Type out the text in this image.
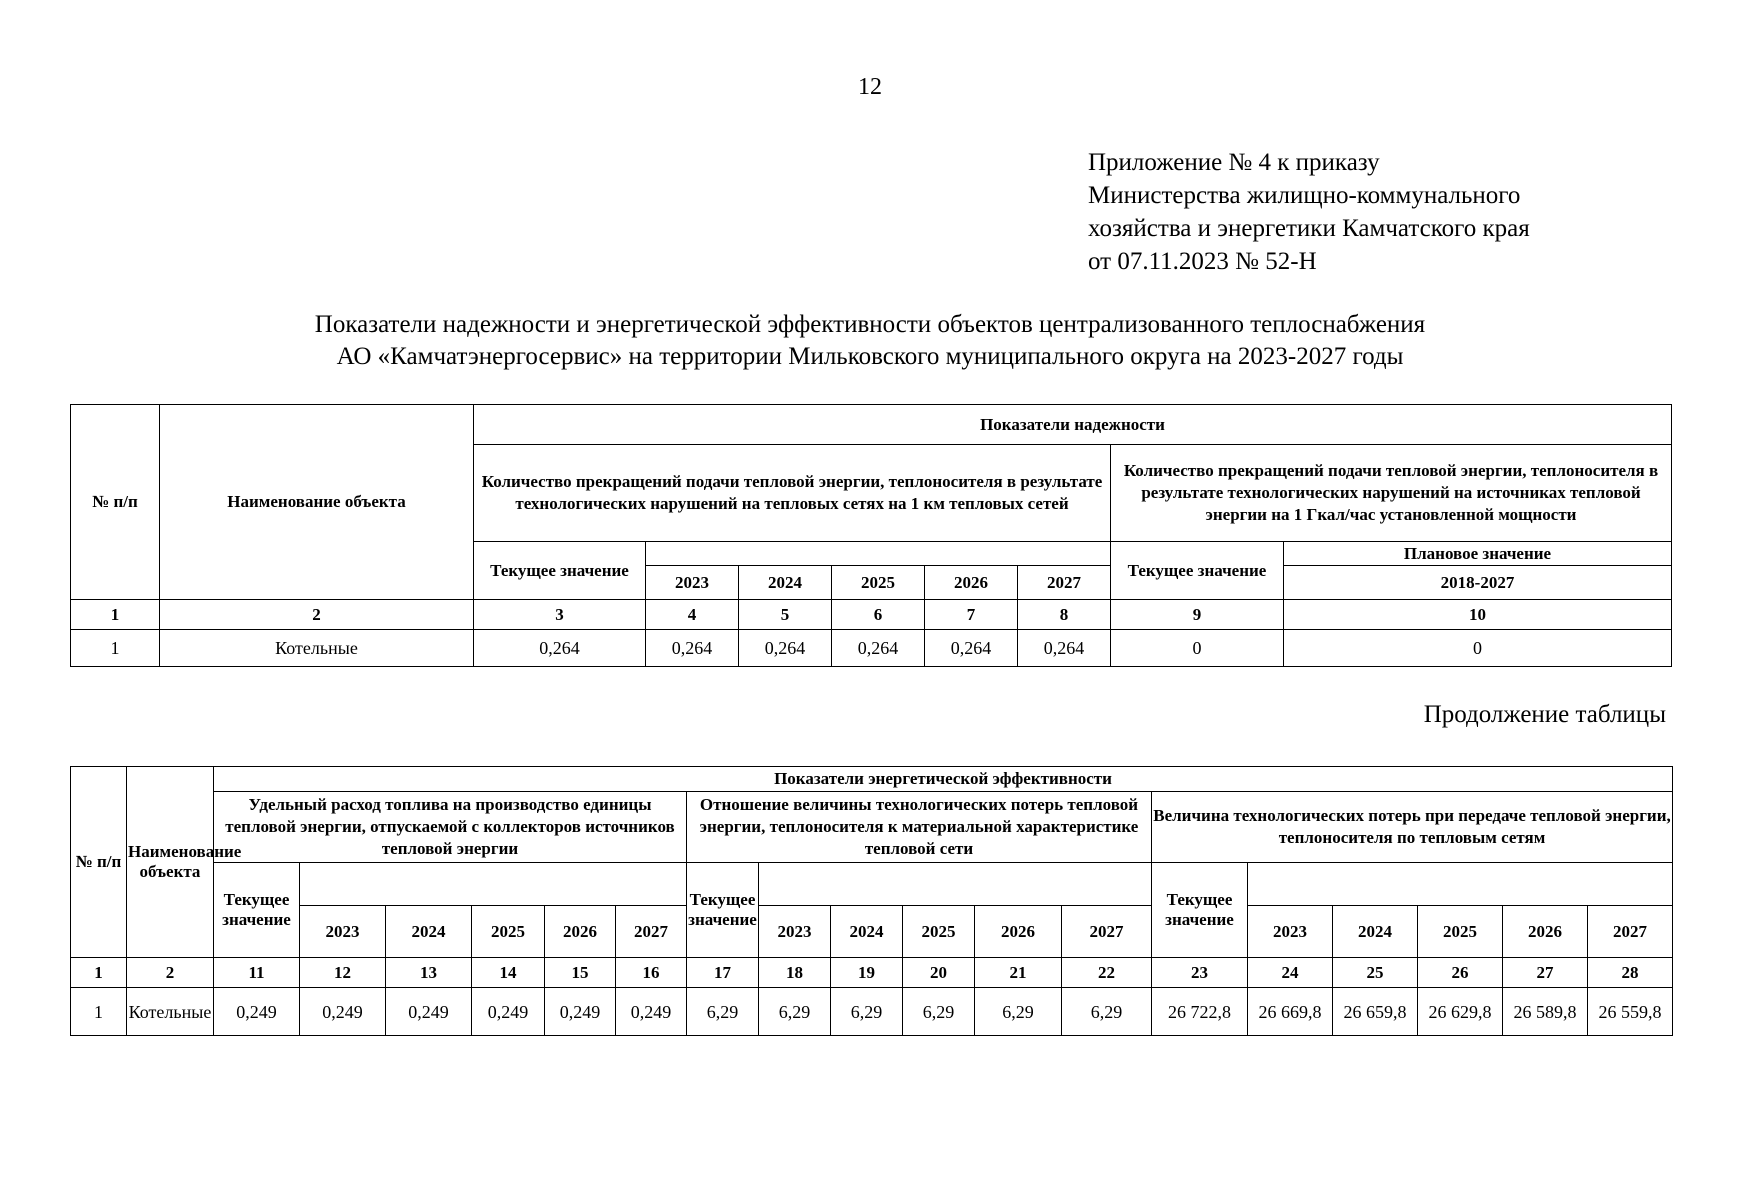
12
Приложение № 4 к приказу
Министерства жилищно-коммунального
хозяйства и энергетики Камчатского края
от 07.11.2023 № 52-Н
Показатели надежности и энергетической эффективности объектов централизованного теплоснабжения
АО «Камчатэнергосервис» на территории Мильковского муниципального округа на 2023-2027 годы
№ п/п	Наименование объекта	Показатели надежности							
		Количество прекращений подачи тепловой энергии, теплоносителя в результате технологических нарушений на тепловых сетях на 1 км тепловых сетей						Количество прекращений подачи тепловой энергии, теплоносителя в результате технологических нарушений на источниках тепловой энергии на 1 Гкал/час установленной мощности	
		Текущее значение						Текущее значение	Плановое значение
			2023	2024	2025	2026	2027		2018-2027
1	2	3	4	5	6	7	8	9	10
1	Котельные	0,264	0,264	0,264	0,264	0,264	0,264	0	0
Продолжение таблицы
№ п/п	Наименование объекта	Показатели энергетической эффективности																	
		Удельный расход топлива на производство единицы тепловой энергии, отпускаемой с коллекторов источников тепловой энергии						Отношение величины технологических потерь тепловой энергии, теплоносителя к материальной характеристике тепловой сети						Величина технологических потерь при передаче тепловой энергии, теплоносителя по тепловым сетям					
		Текущее значение						Текущее значение						Текущее значение					
			2023	2024	2025	2026	2027		2023	2024	2025	2026	2027		2023	2024	2025	2026	2027
1	2	11	12	13	14	15	16	17	18	19	20	21	22	23	24	25	26	27	28
1	Котельные	0,249	0,249	0,249	0,249	0,249	0,249	6,29	6,29	6,29	6,29	6,29	6,29	26 722,8	26 669,8	26 659,8	26 629,8	26 589,8	26 559,8
